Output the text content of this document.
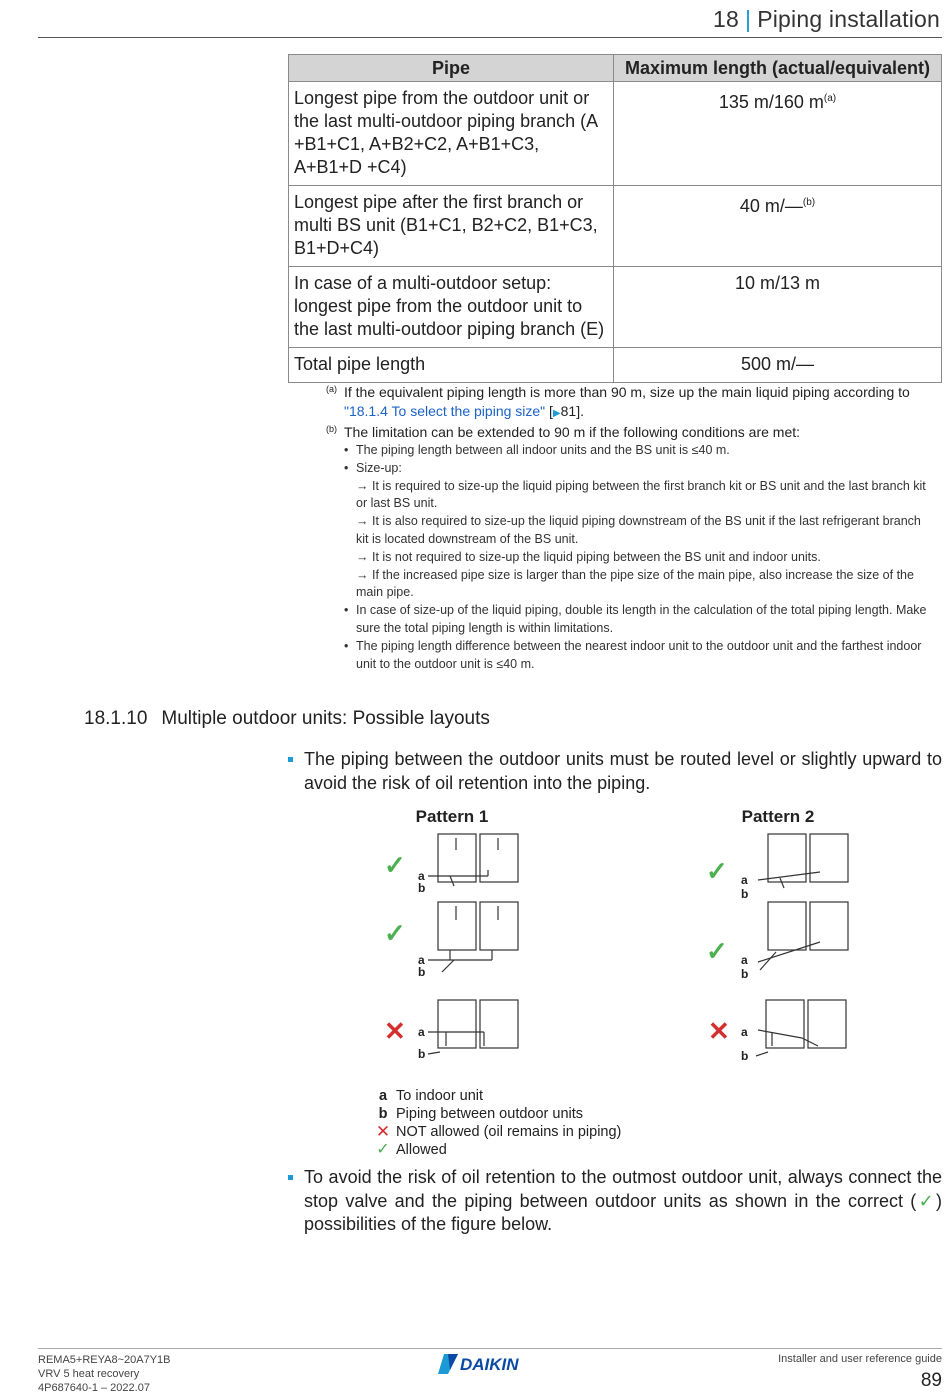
18 | Piping installation
Pipe	Maximum length (actual/equivalent)
Longest pipe from the outdoor unit or the last multi-outdoor piping branch (A +B1+C1, A+B2+C2, A+B1+C3, A+B1+D +C4)	135 m/160 $m^{(a)}$
Longest pipe after the first branch or multi BS unit (B1+C1, B2+C2, B1+C3, B1+D+C4)	40 m/—$^{(b)}$
In case of a multi-outdoor setup: longest pipe from the outdoor unit to the last multi-outdoor piping branch (E)	10 m/13 m
Total pipe length	500 m/—
(a) If the equivalent piping length is more than 90 m, size up the main liquid piping according to "18.1.4 To select the piping size" [▶81].
(b) The limitation can be extended to 90 m if the following conditions are met:
• The piping length between all indoor units and the BS unit is ≤40 m.
• Size-up:
→ It is required to size-up the liquid piping between the first branch kit or BS unit and the last branch kit or last BS unit.
→ It is also required to size-up the liquid piping downstream of the BS unit if the last refrigerant branch kit is located downstream of the BS unit.
→ It is not required to size-up the liquid piping between the BS unit and indoor units.
→ If the increased pipe size is larger than the pipe size of the main pipe, also increase the size of the main pipe.
• In case of size-up of the liquid piping, double its length in the calculation of the total piping length. Make sure the total piping length is within limitations.
• The piping length difference between the nearest indoor unit to the outdoor unit and the farthest indoor unit to the outdoor unit is ≤40 m.
18.1.10 Multiple outdoor units: Possible layouts
The piping between the outdoor units must be routed level or slightly upward to avoid the risk of oil retention into the piping.
Pattern 1	Pattern 2
a
b
a
b
a
b
a
b
a
b
a
b
✓
✓
✕
✓
✓
✕
a To indoor unit
b Piping between outdoor units
✕ NOT allowed (oil remains in piping)
✓ Allowed
To avoid the risk of oil retention to the outmost outdoor unit, always connect the stop valve and the piping between outdoor units as shown in the correct (✓) possibilities of the figure below.
REMA5+REYA8~20A7Y1B
VRV 5 heat recovery
4P687640-1 – 2022.07
DAIKIN	Installer and user reference guide
89
